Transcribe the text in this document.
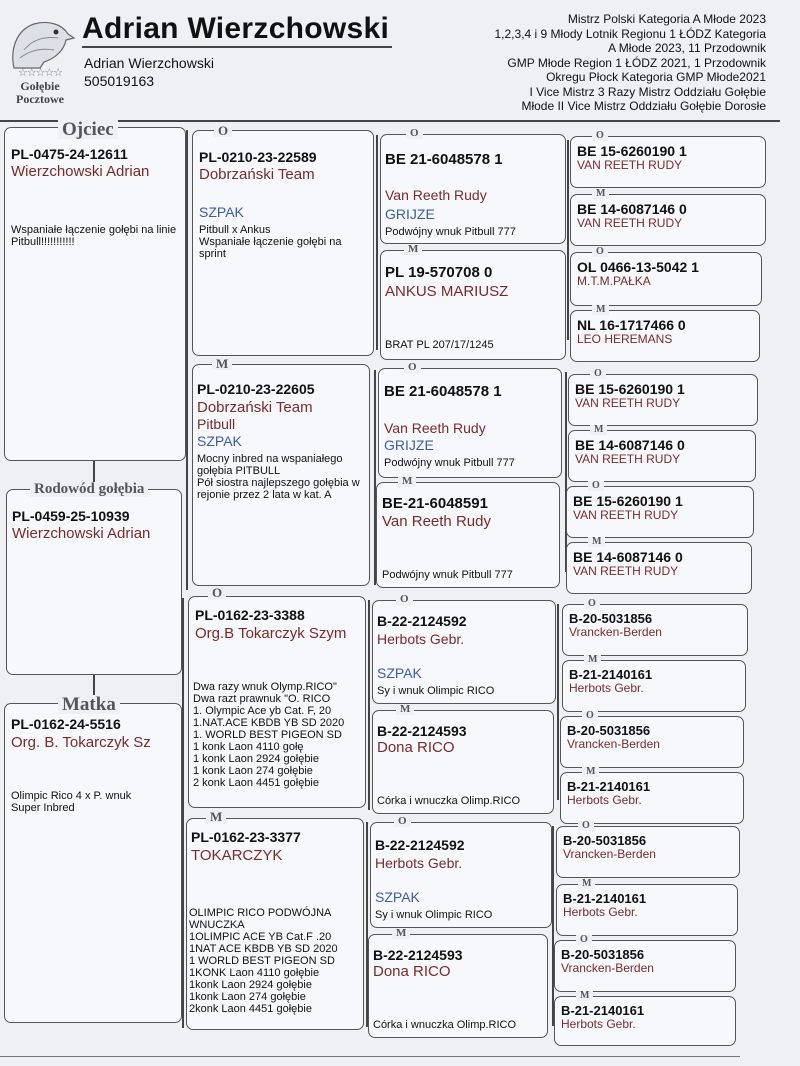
☆☆☆☆☆
Gołębie
Pocztowe
Adrian Wierzchowski
Adrian Wierzchowski
505019163
Mistrz Polski Kategoria A Młode 2023
1,2,3,4 i 9 Młody Lotnik Regionu 1 ŁÓDZ Kategoria
A Młode 2023, 11 Przodownik
GMP Młode Region 1 ŁÓDZ 2021, 1 Przodownik
Okregu Płock Kategoria GMP Młode2021
I Vice Mistrz 3 Razy Mistrz Oddziału Gołębie
Młode II Vice Mistrz Oddziału Gołębie Dorosłe
PL-0475-24-12611
Wierzchowski Adrian
Wspaniałe łączenie gołębi na linie Pitbull!!!!!!!!!!!
Ojciec
PL-0459-25-10939
Wierzchowski Adrian
Rodowód gołębia
PL-0162-24-5516
Org. B. Tokarczyk Sz
Olimpic Rico 4 x P. wnuk Super Inbred
Matka
PL-0210-23-22589
Dobrzański Team
SZPAK
Pitbull x Ankus
Wspaniałe łączenie gołębi na sprint
O
PL-0210-23-22605
Dobrzański Team
Pitbull
SZPAK
Mocny inbred na wspaniałego gołębia PITBULL
Pół siostra najlepszego gołębia w rejonie przez 2 lata w kat. A
M
PL-0162-23-3388
Org.B Tokarczyk Szym
Dwa razy wnuk Olymp.RICO"
Dwa razt prawnuk "O. RICO
1. Olympic Ace yb Cat. F, 20
1.NAT.ACE KBDB YB SD 2020
1. WORLD BEST PIGEON SD
1 konk Laon 4110 gołę
1 konk Laon 2924 gołębie
1 konk Laon 274 gołębie
2 konk Laon 4451 gołębie
O
PL-0162-23-3377
TOKARCZYK
OLIMPIC RICO PODWÓJNA WNUCZKA
1OLIMPIC ACE YB Cat.F .20
1NAT ACE KBDB YB SD 2020
1 WORLD BEST PIGEON SD
1KONK Laon 4110 gołębie
1konk Laon 2924 gołębie
1konk Laon 274 gołębie
2konk Laon 4451 gołębie
M
BE 21-6048578 1
Van Reeth Rudy
GRIJZE
Podwójny wnuk Pitbull 777
O
PL 19-570708 0
ANKUS MARIUSZ
BRAT PL 207/17/1245
M
BE 21-6048578 1
Van Reeth Rudy
GRIJZE
Podwójny wnuk Pitbull 777
O
BE-21-6048591
Van Reeth Rudy
Podwójny wnuk Pitbull 777
M
B-22-2124592
Herbots Gebr.
SZPAK
Sy i wnuk Olimpic RICO
O
B-22-2124593
Dona RICO
Córka i wnuczka Olimp.RICO
M
B-22-2124592
Herbots Gebr.
SZPAK
Sy i wnuk Olimpic RICO
O
B-22-2124593
Dona RICO
Córka i wnuczka Olimp.RICO
M
BE 15-6260190 1
VAN REETH RUDY
O
BE 14-6087146 0
VAN REETH RUDY
M
OL 0466-13-5042 1
M.T.M.PAŁKA
O
NL 16-1717466 0
LEO HEREMANS
M
BE 15-6260190 1
VAN REETH RUDY
O
BE 14-6087146 0
VAN REETH RUDY
M
BE 15-6260190 1
VAN REETH RUDY
O
BE 14-6087146 0
VAN REETH RUDY
M
B-20-5031856
Vrancken-Berden
O
B-21-2140161
Herbots Gebr.
M
B-20-5031856
Vrancken-Berden
O
B-21-2140161
Herbots Gebr.
M
B-20-5031856
Vrancken-Berden
O
B-21-2140161
Herbots Gebr.
M
B-20-5031856
Vrancken-Berden
O
B-21-2140161
Herbots Gebr.
M
